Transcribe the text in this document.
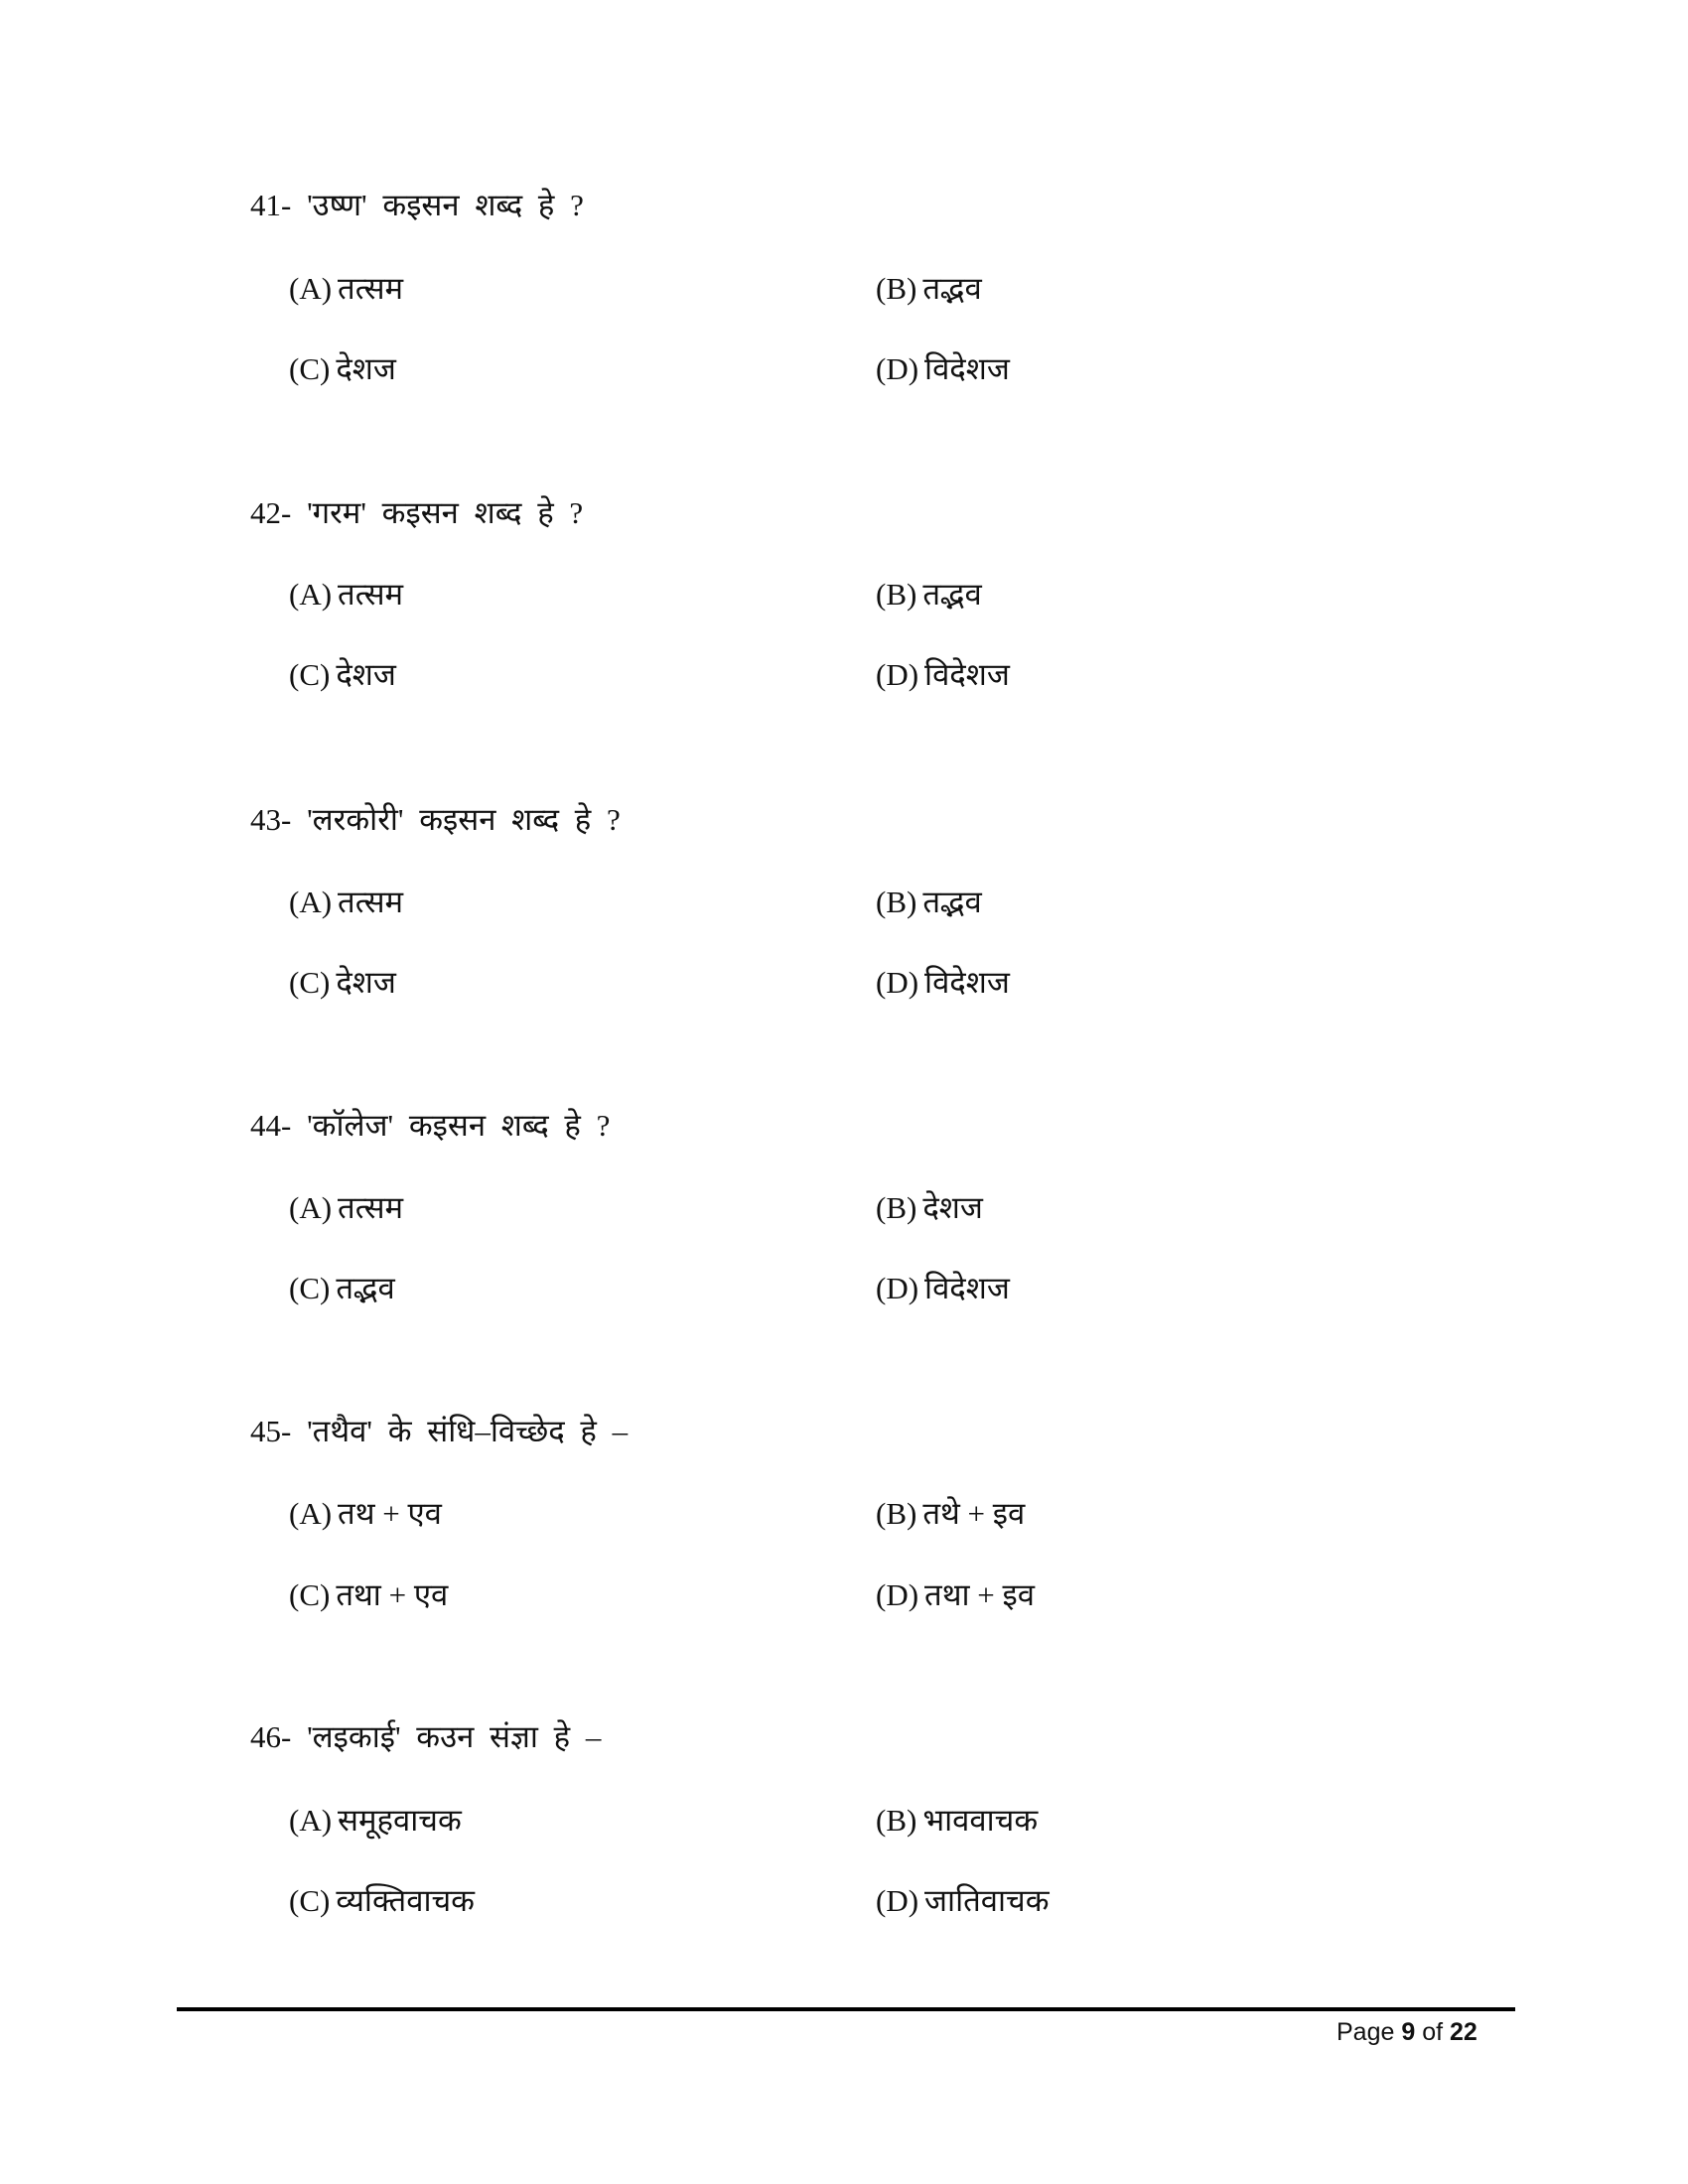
41- 'उष्ण' कइसन शब्द हे ?
(A) तत्सम	(B) तद्भव
(C) देशज	(D) विदेशज
42- 'गरम' कइसन शब्द हे ?
(A) तत्सम	(B) तद्भव
(C) देशज	(D) विदेशज
43- 'लरकोरी' कइसन शब्द हे ?
(A) तत्सम	(B) तद्भव
(C) देशज	(D) विदेशज
44- 'कॉलेज' कइसन शब्द हे ?
(A) तत्सम	(B) देशज
(C) तद्भव	(D) विदेशज
45- 'तथैव' के संधि–विच्छेद हे –
(A) तथ + एव	(B) तथे + इव
(C) तथा + एव	(D) तथा + इव
46- 'लइकाई' कउन संज्ञा हे –
(A) समूहवाचक	(B) भाववाचक
(C) व्यक्तिवाचक	(D) जातिवाचक
Page 9 of 22
